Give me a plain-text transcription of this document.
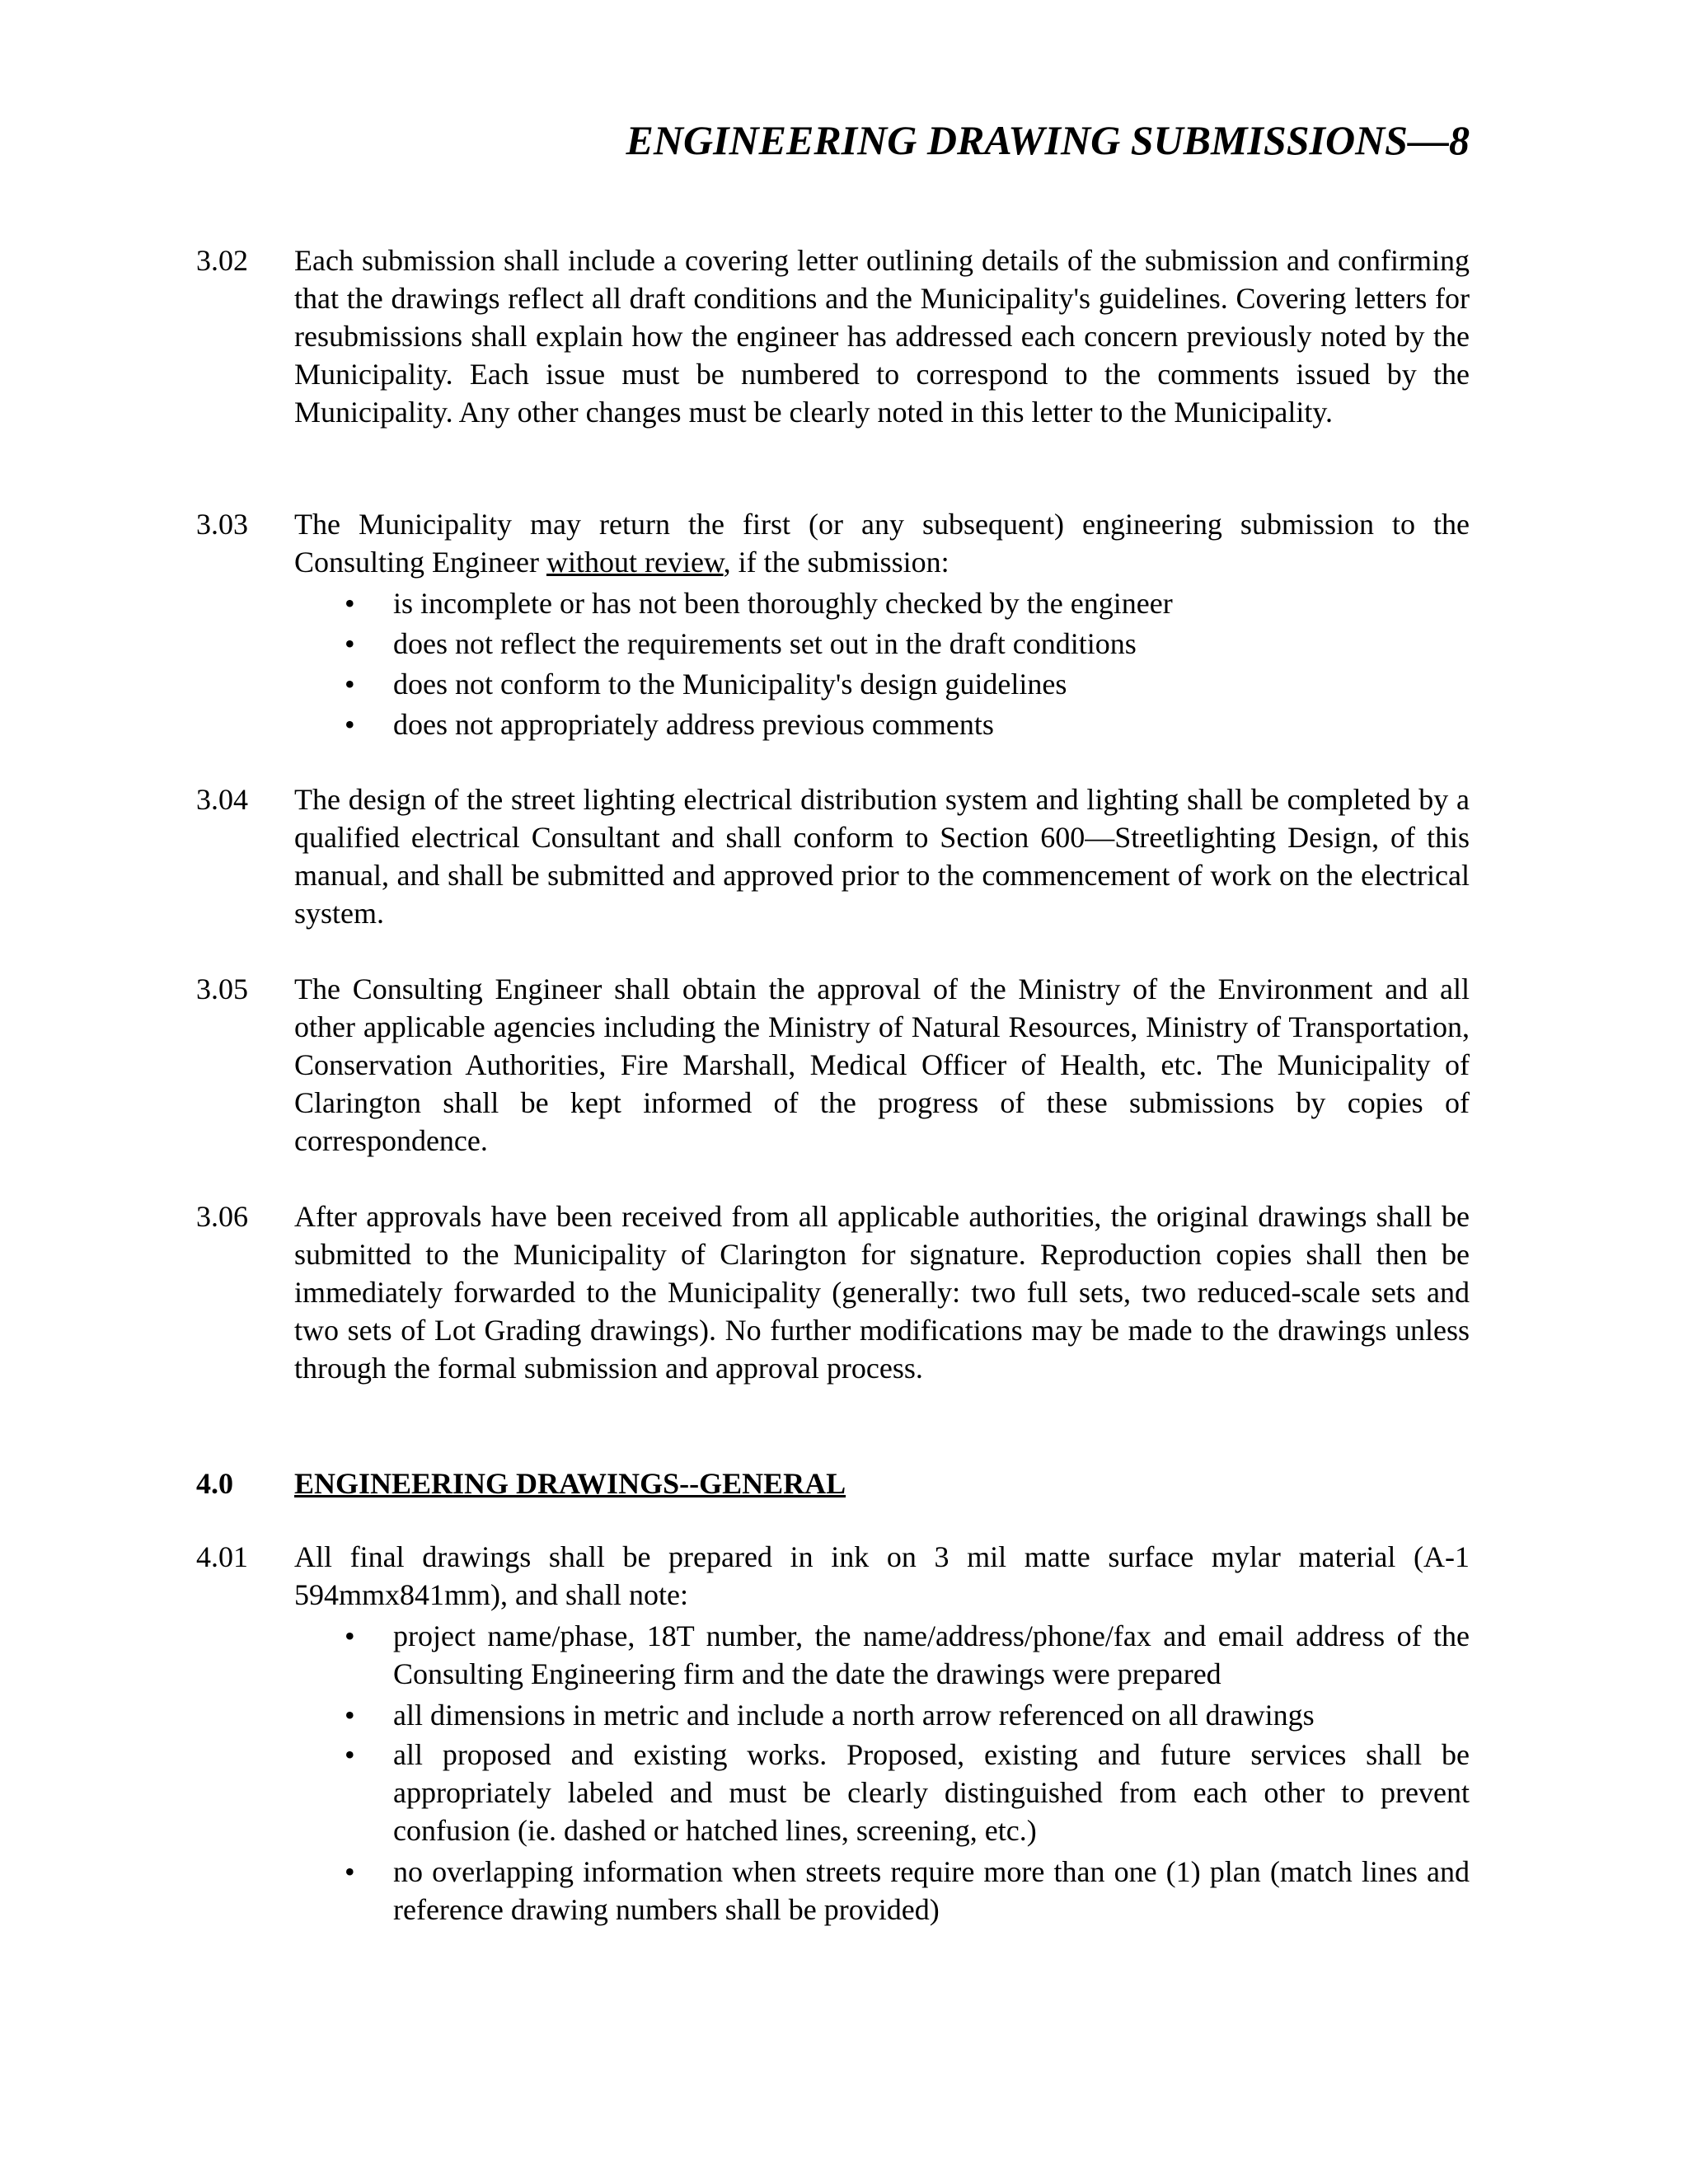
ENGINEERING DRAWING SUBMISSIONS—8
3.02 Each submission shall include a covering letter outlining details of the submission and confirming that the drawings reflect all draft conditions and the Municipality's guidelines. Covering letters for resubmissions shall explain how the engineer has addressed each concern previously noted by the Municipality. Each issue must be numbered to correspond to the comments issued by the Municipality. Any other changes must be clearly noted in this letter to the Municipality.

3.03 The Municipality may return the first (or any subsequent) engineering submission to the Consulting Engineer without review, if the submission:

• is incomplete or has not been thoroughly checked by the engineer
• does not reflect the requirements set out in the draft conditions
• does not conform to the Municipality's design guidelines
• does not appropriately address previous comments
3.04 The design of the street lighting electrical distribution system and lighting shall be completed by a qualified electrical Consultant and shall conform to Section 600—Streetlighting Design, of this manual, and shall be submitted and approved prior to the commencement of work on the electrical system.

3.05 The Consulting Engineer shall obtain the approval of the Ministry of the Environment and all other applicable agencies including the Ministry of Natural Resources, Ministry of Transportation, Conservation Authorities, Fire Marshall, Medical Officer of Health, etc. The Municipality of Clarington shall be kept informed of the progress of these submissions by copies of correspondence.

3.06 After approvals have been received from all applicable authorities, the original drawings shall be submitted to the Municipality of Clarington for signature. Reproduction copies shall then be immediately forwarded to the Municipality (generally: two full sets, two reduced-scale sets and two sets of Lot Grading drawings). No further modifications may be made to the drawings unless through the formal submission and approval process.

4.0 ENGINEERING DRAWINGS--GENERAL
4.01 All final drawings shall be prepared in ink on 3 mil matte surface mylar material (A-1 594mmx841mm), and shall note:

• project name/phase, 18T number, the name/address/phone/fax and email address of the Consulting Engineering firm and the date the drawings were prepared
• all dimensions in metric and include a north arrow referenced on all drawings
• all proposed and existing works. Proposed, existing and future services shall be appropriately labeled and must be clearly distinguished from each other to prevent confusion (ie. dashed or hatched lines, screening, etc.)
• no overlapping information when streets require more than one (1) plan (match lines and reference drawing numbers shall be provided)
